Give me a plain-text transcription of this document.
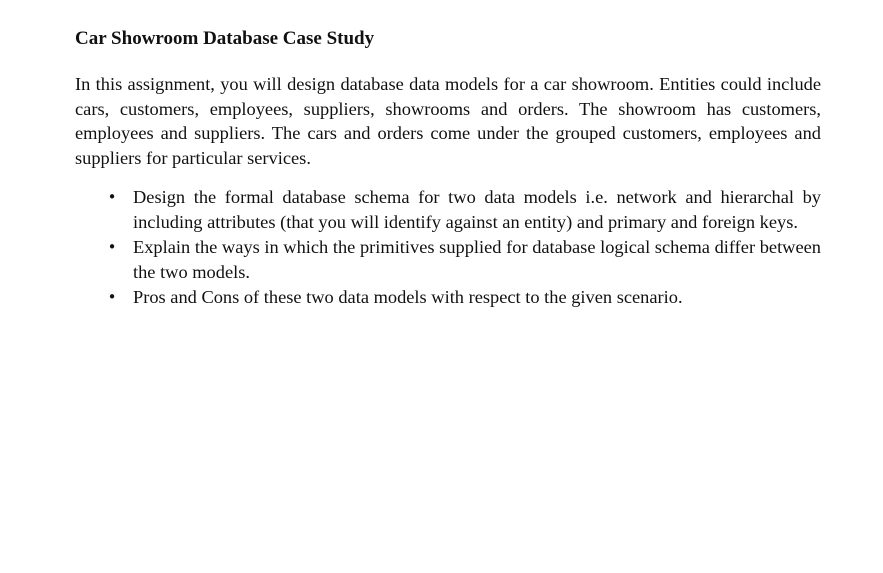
Car Showroom Database Case Study

In this assignment, you will design database data models for a car showroom. Entities could include cars, customers, employees, suppliers, showrooms and orders. The showroom has customers, employees and suppliers. The cars and orders come under the grouped customers, employees and suppliers for particular services.

• Design the formal database schema for two data models i.e. network and hierarchal by including attributes (that you will identify against an entity) and primary and foreign keys.
• Explain the ways in which the primitives supplied for database logical schema differ between the two models.
• Pros and Cons of these two data models with respect to the given scenario.
